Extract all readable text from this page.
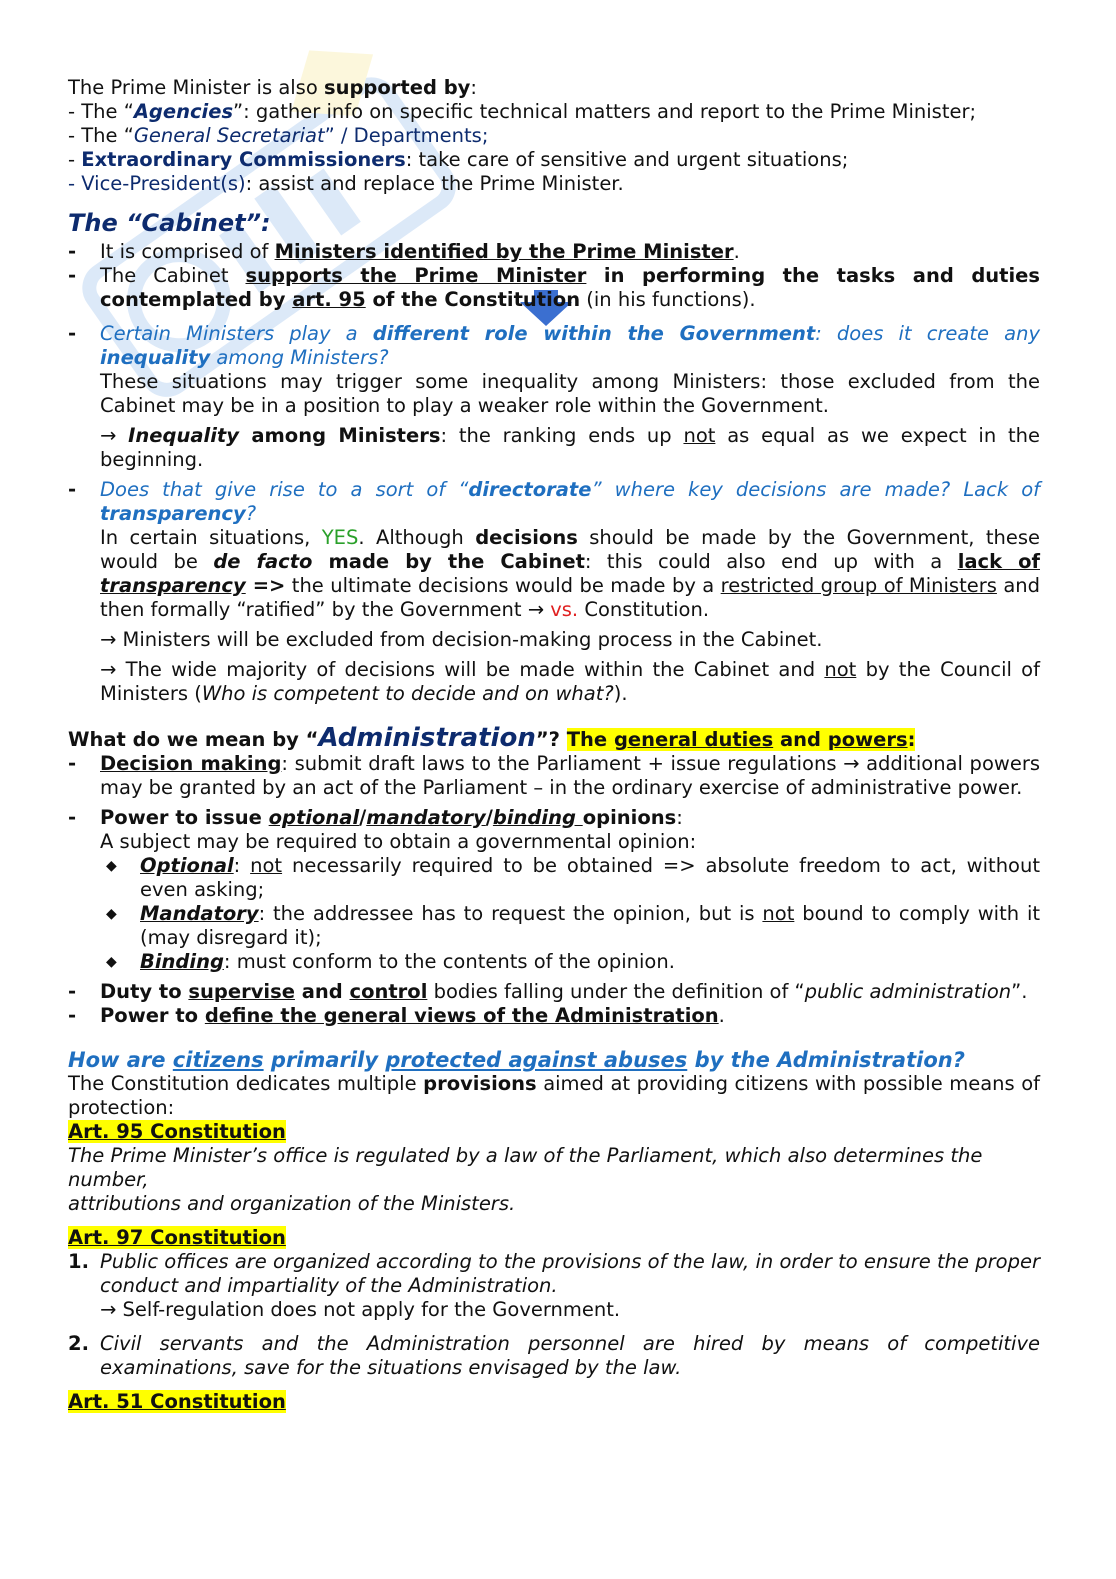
The Prime Minister is also supported by:
- The “Agencies”: gather info on specific technical matters and report to the Prime Minister;
- The “General Secretariat” / Departments;
- Extraordinary Commissioners: take care of sensitive and urgent situations;
- Vice-President(s): assist and replace the Prime Minister.
The “Cabinet”:
-	It is comprised of Ministers identified by the Prime Minister.
-	The Cabinet supports the Prime Minister in performing the tasks and duties contemplated by art. 95 of the Constitution (in his functions).
-	Certain Ministers play a different role within the Government: does it create any inequality among Ministers?
These situations may trigger some inequality among Ministers: those excluded from the Cabinet may be in a position to play a weaker role within the Government.
→ Inequality among Ministers: the ranking ends up not as equal as we expect in the beginning.
-	Does that give rise to a sort of “directorate” where key decisions are made? Lack of transparency?
In certain situations, YES. Although decisions should be made by the Government, these would be de facto made by the Cabinet: this could also end up with a lack of transparency => the ultimate decisions would be made by a restricted group of Ministers and then formally “ratified” by the Government → vs. Constitution.
→ Ministers will be excluded from decision-making process in the Cabinet.
→ The wide majority of decisions will be made within the Cabinet and not by the Council of Ministers (Who is competent to decide and on what?).
What do we mean by “Administration”? The general duties and powers:
-	Decision making: submit draft laws to the Parliament + issue regulations → additional powers may be granted by an act of the Parliament – in the ordinary exercise of administrative power.
-	Power to issue optional/mandatory/binding opinions:
A subject may be required to obtain a governmental opinion:
◆	Optional: not necessarily required to be obtained => absolute freedom to act, without even asking;
◆	Mandatory: the addressee has to request the opinion, but is not bound to comply with it (may disregard it);
◆	Binding: must conform to the contents of the opinion.
-	Duty to supervise and control bodies falling under the definition of “public administration”.
-	Power to define the general views of the Administration.
How are citizens primarily protected against abuses by the Administration?
The Constitution dedicates multiple provisions aimed at providing citizens with possible means of protection:
Art. 95 Constitution
The Prime Minister’s office is regulated by a law of the Parliament, which also determines the number,
attributions and organization of the Ministers.
Art. 97 Constitution
1. Public offices are organized according to the provisions of the law, in order to ensure the proper conduct and impartiality of the Administration.
→ Self-regulation does not apply for the Government.
2. Civil servants and the Administration personnel are hired by means of competitive examinations, save for the situations envisaged by the law.
Art. 51 Constitution
